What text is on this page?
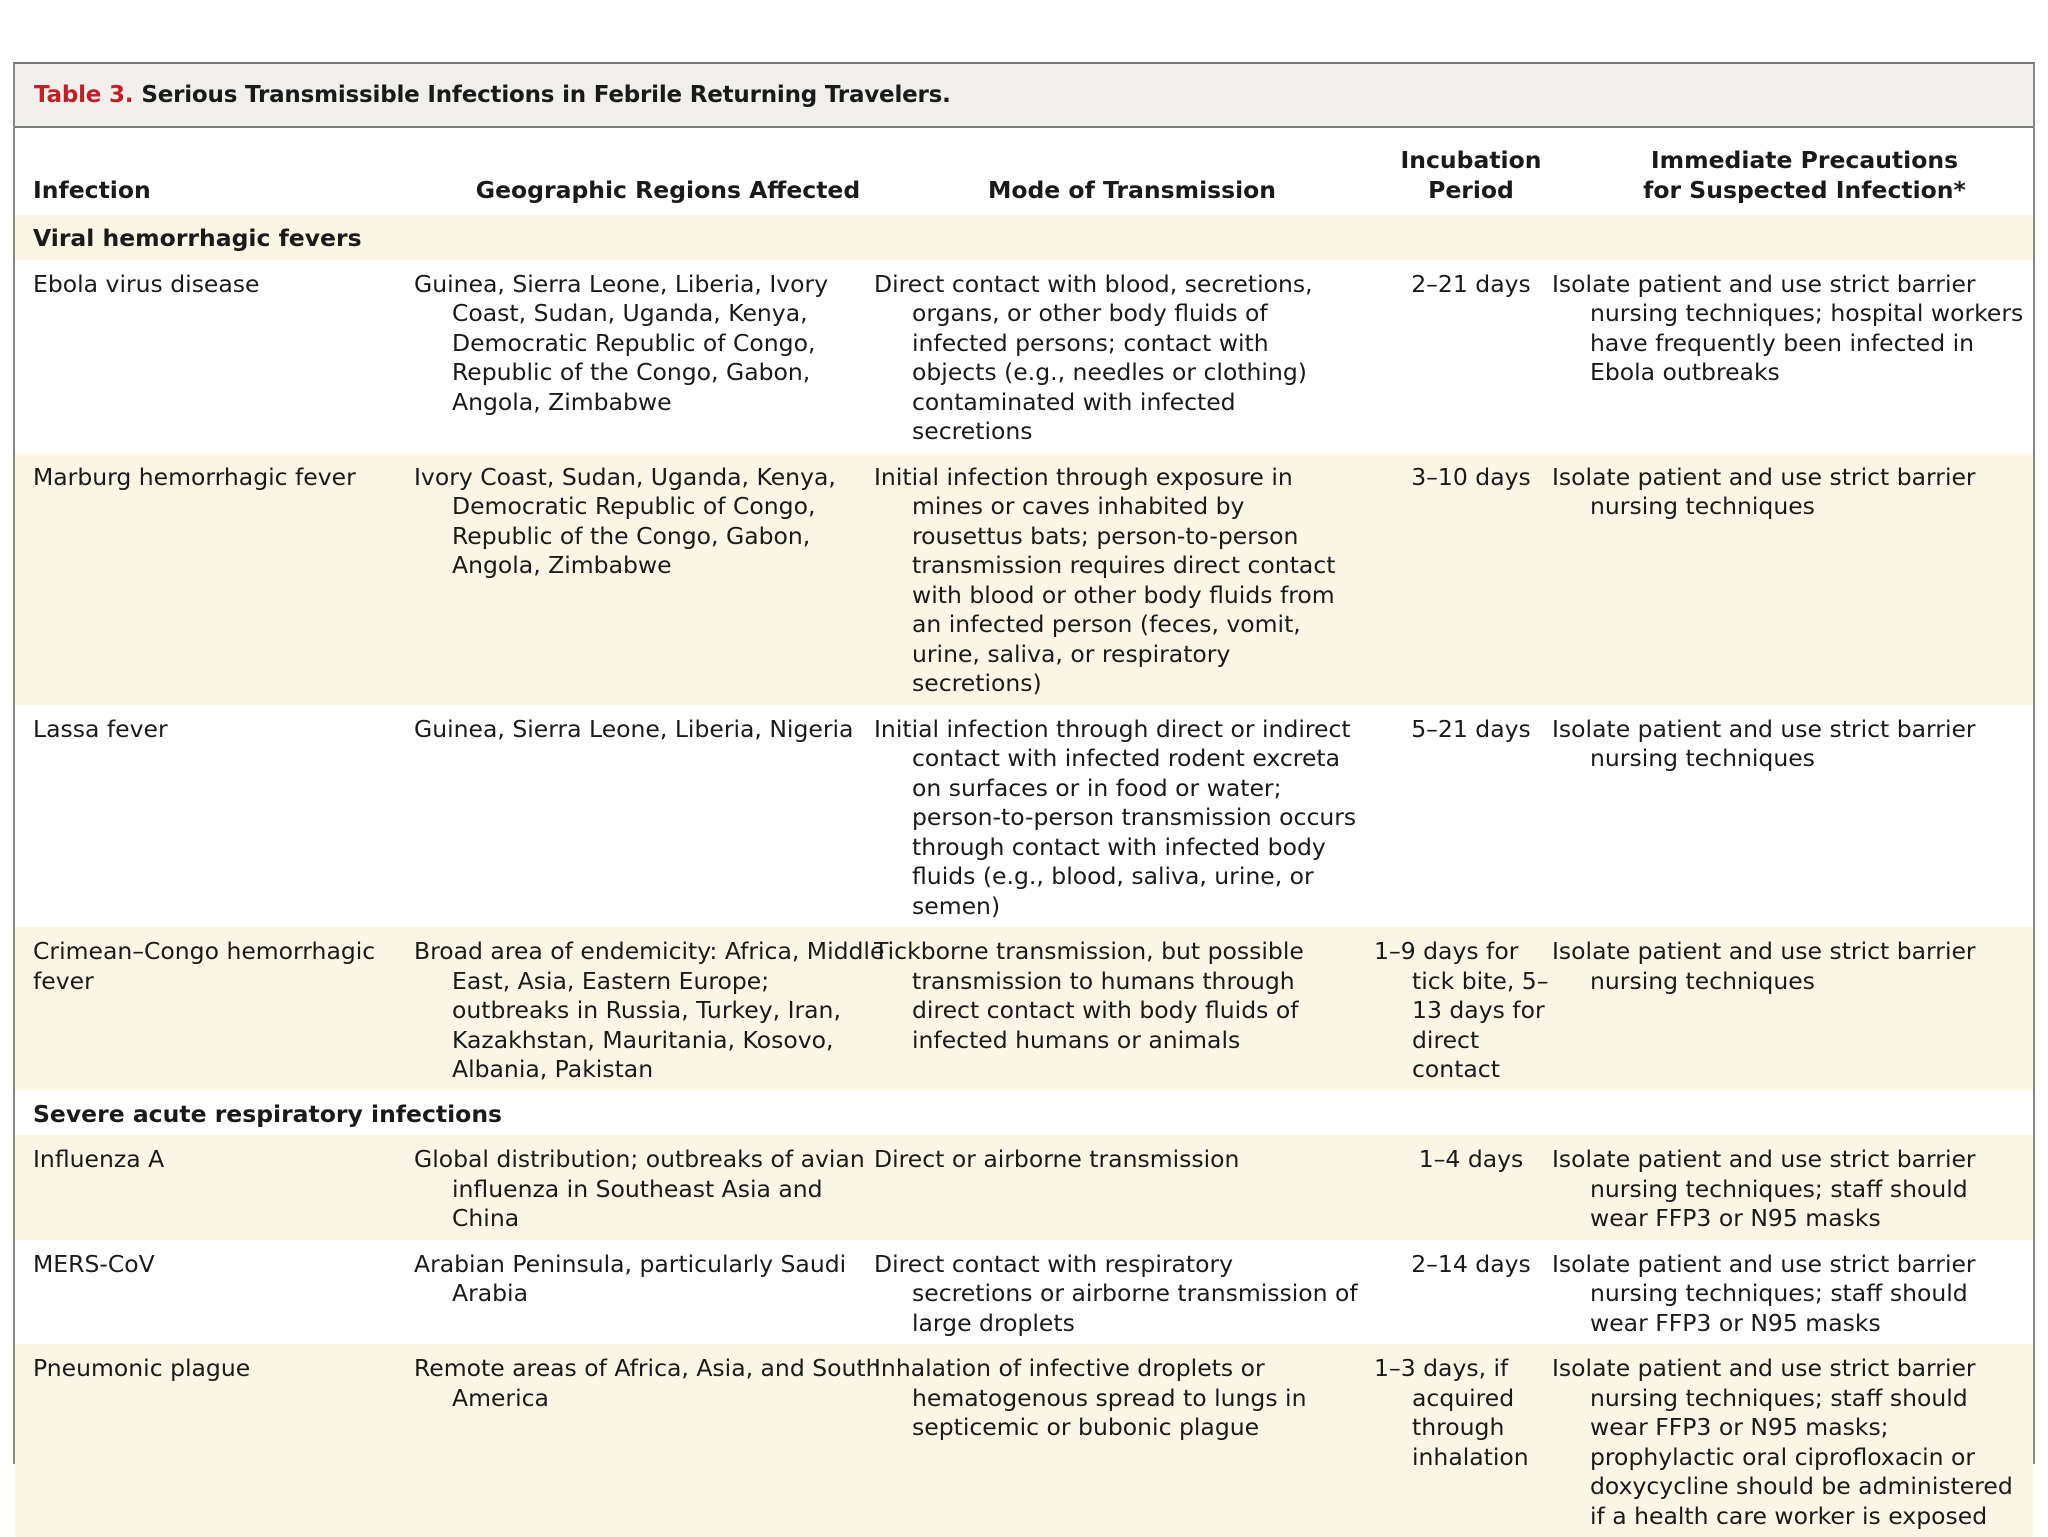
Table 3. Serious Transmissible Infections in Febrile Returning Travelers.
Infection	Geographic Regions Affected	Mode of Transmission	Incubation Period	Immediate Precautions
for Suspected Infection*
Viral hemorrhagic fevers				
Ebola virus disease	Guinea, Sierra Leone, Liberia, Ivory Coast, Sudan, Uganda, Kenya, Democratic Republic of Congo, Republic of the Congo, Gabon, Angola, Zimbabwe	Direct contact with blood, secretions, organs, or other body fluids of infected persons; contact with objects (e.g., needles or clothing) contaminated with infected secretions	2–21 days	Isolate patient and use strict barrier nursing techniques; hospital workers have frequently been infected in Ebola outbreaks
Marburg hemorrhagic fever	Ivory Coast, Sudan, Uganda, Kenya, Democratic Republic of Congo, Republic of the Congo, Gabon, Angola, Zimbabwe	Initial infection through exposure in mines or caves inhabited by rousettus bats; person-to-person transmission requires direct contact with blood or other body fluids from an infected person (feces, vomit, urine, saliva, or respiratory secretions)	3–10 days	Isolate patient and use strict barrier nursing techniques
Lassa fever	Guinea, Sierra Leone, Liberia, Nigeria	Initial infection through direct or indirect contact with infected rodent excreta on surfaces or in food or water; person-to-person transmission occurs through contact with infected body fluids (e.g., blood, saliva, urine, or semen)	5–21 days	Isolate patient and use strict barrier nursing techniques
Crimean–Congo hemorrhagic fever	Broad area of endemicity: Africa, Middle East, Asia, Eastern Europe; outbreaks in Russia, Turkey, Iran, Kazakhstan, Mauritania, Kosovo, Albania, Pakistan	Tickborne transmission, but possible transmission to humans through direct contact with body fluids of infected humans or animals	1–9 days for tick bite, 5–13 days for direct contact	Isolate patient and use strict barrier nursing techniques
Severe acute respiratory infections				
Influenza A	Global distribution; outbreaks of avian influenza in Southeast Asia and China	Direct or airborne transmission	1–4 days	Isolate patient and use strict barrier nursing techniques; staff should wear FFP3 or N95 masks
MERS-CoV	Arabian Peninsula, particularly Saudi Arabia	Direct contact with respiratory secretions or airborne transmission of large droplets	2–14 days	Isolate patient and use strict barrier nursing techniques; staff should wear FFP3 or N95 masks
Pneumonic plague	Remote areas of Africa, Asia, and South America	Inhalation of infective droplets or hematogenous spread to lungs in septicemic or bubonic plague	1–3 days, if acquired through inhalation	Isolate patient and use strict barrier nursing techniques; staff should wear FFP3 or N95 masks; prophylactic oral ciprofloxacin or doxycycline should be administered if a health care worker is exposed
